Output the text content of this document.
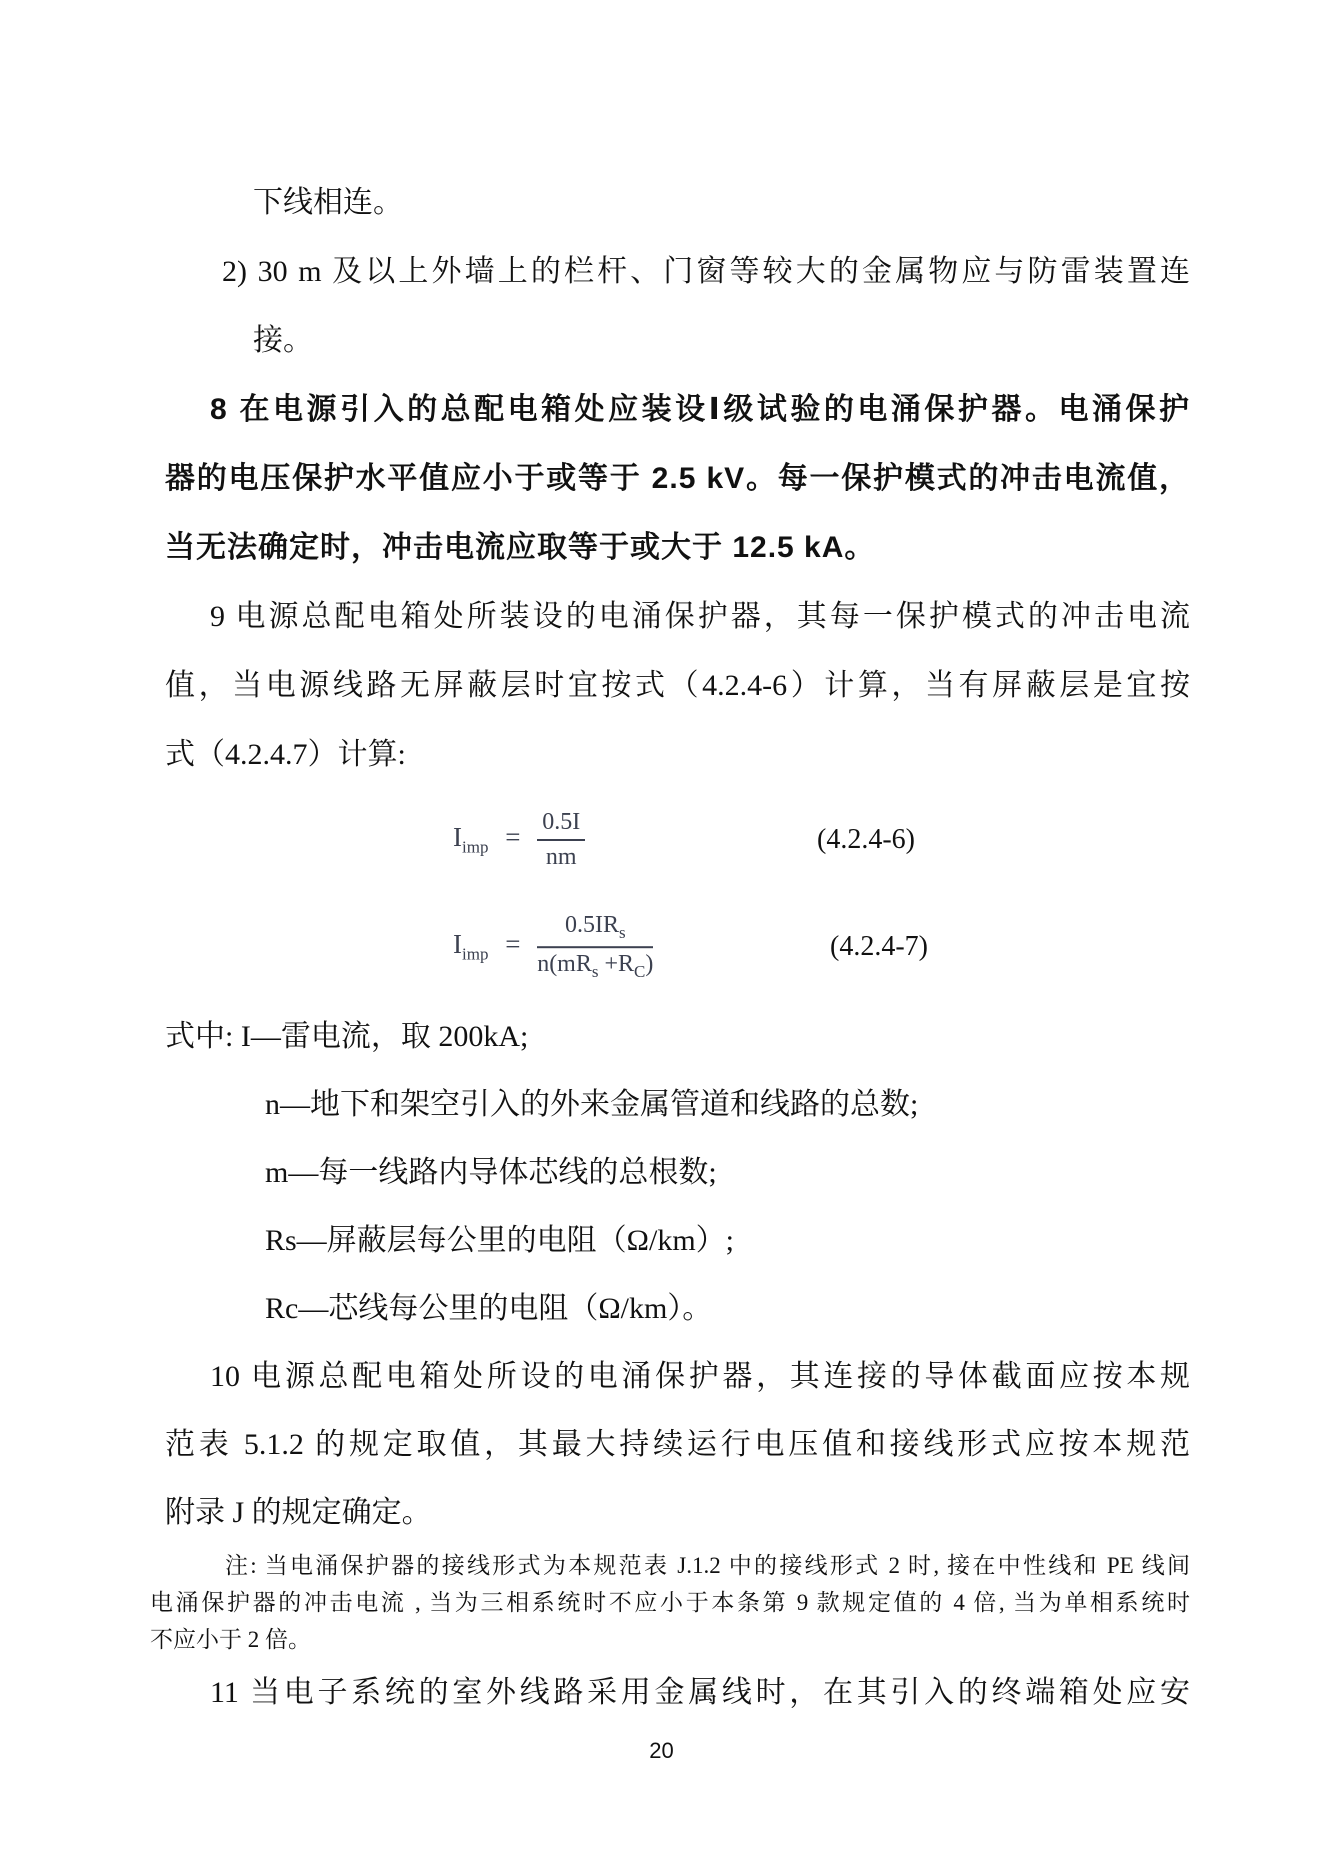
下线相连。
2) 30 m 及以上外墙上的栏杆、门窗等较大的金属物应与防雷装置连
接。
8 在电源引入的总配电箱处应装设Ⅰ级试验的电涌保护器。电涌保护
器的电压保护水平值应小于或等于 2.5 kV。每一保护模式的冲击电流值，
当无法确定时，冲击电流应取等于或大于 12.5 kA。
9 电源总配电箱处所装设的电涌保护器，其每一保护模式的冲击电流
值，当电源线路无屏蔽层时宜按式（4.2.4-6）计算，当有屏蔽层是宜按
式（4.2.4.7）计算:
$I_{imp} = \frac{0.5I}{nm}$	(4.2.4-6)
$I_{imp} = \frac{0.5IR_s}{n(mR_s +R_C)}$	(4.2.4-7)
式中: I—雷电流，取 200kA;
n—地下和架空引入的外来金属管道和线路的总数;
m—每一线路内导体芯线的总根数;
Rs—屏蔽层每公里的电阻（Ω/km）;
Rc—芯线每公里的电阻（Ω/km）。
10 电源总配电箱处所设的电涌保护器，其连接的导体截面应按本规
范表 5.1.2 的规定取值，其最大持续运行电压值和接线形式应按本规范
附录 J 的规定确定。
注: 当电涌保护器的接线形式为本规范表 J.1.2 中的接线形式 2 时, 接在中性线和 PE 线间
电涌保护器的冲击电流 , 当为三相系统时不应小于本条第 9 款规定值的 4 倍, 当为单相系统时
不应小于 2 倍。
11 当电子系统的室外线路采用金属线时，在其引入的终端箱处应安
20
